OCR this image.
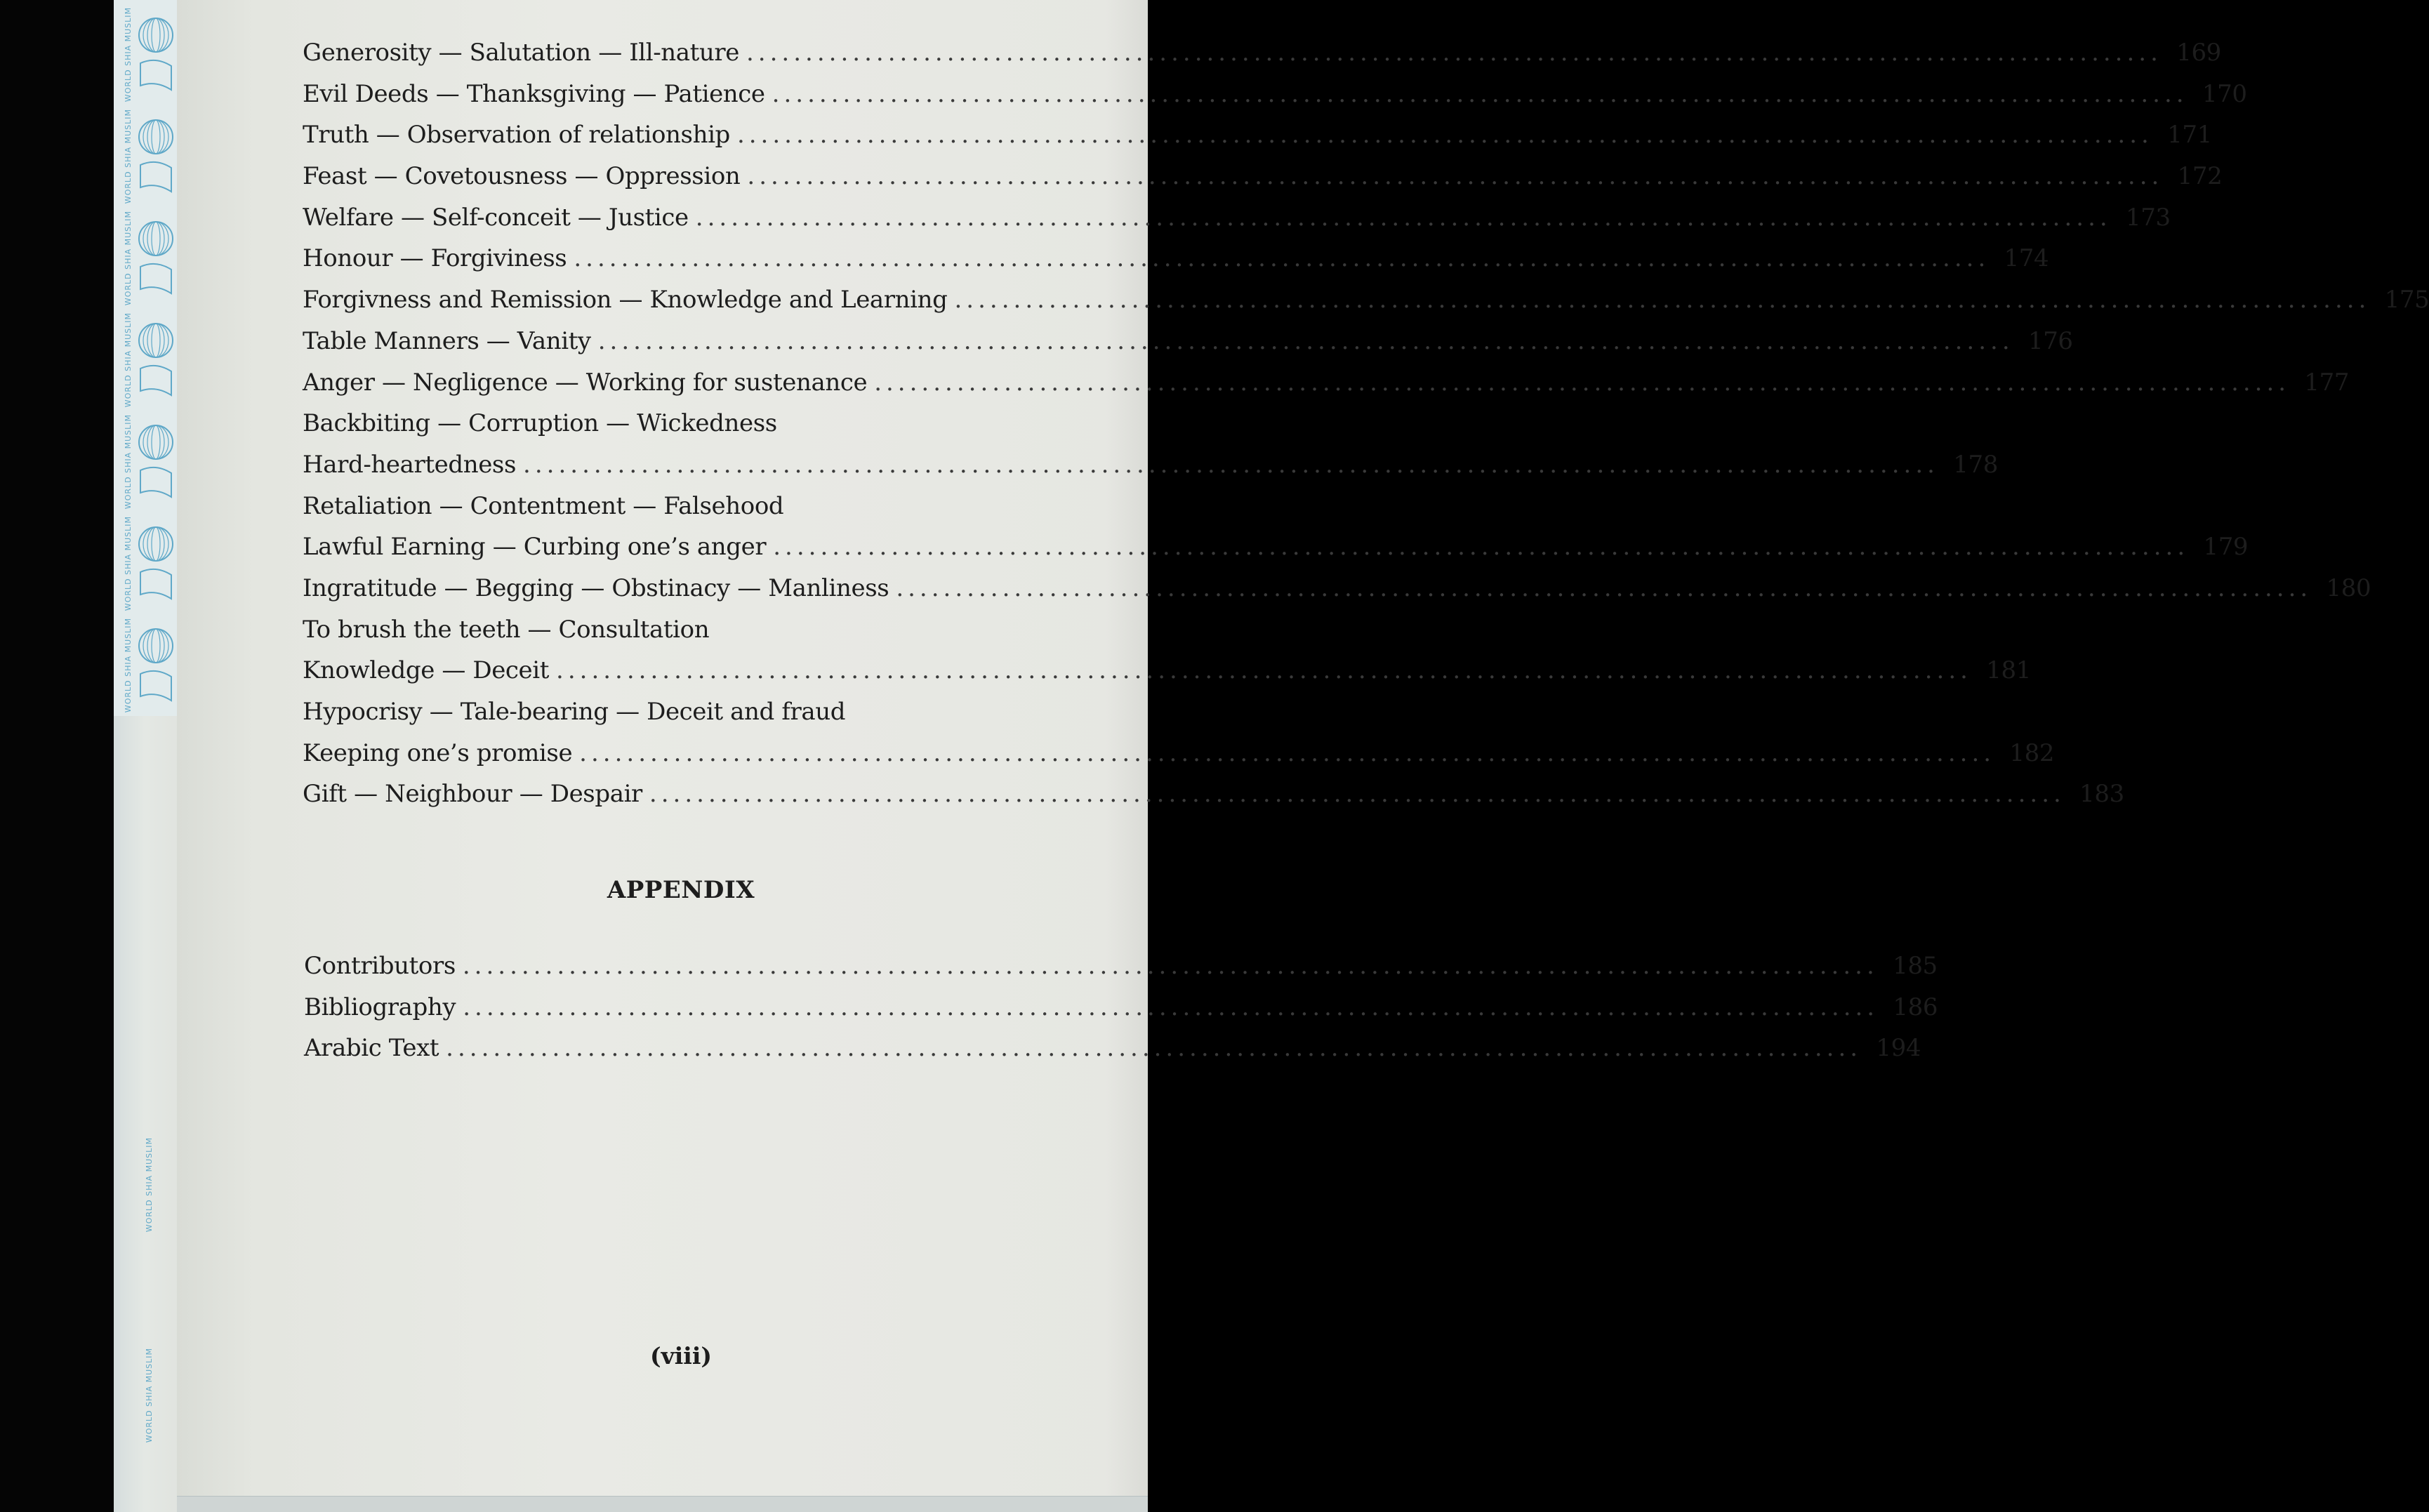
WORLD SHIA MUSLIM
WORLD SHIA MUSLIM
WORLD SHIA MUSLIM
WORLD SHIA MUSLIM
WORLD SHIA MUSLIM
WORLD SHIA MUSLIM
WORLD SHIA MUSLIM
WORLD SHIA MUSLIM
WORLD SHIA MUSLIM
Generosity — Salutation — Ill-nature ........................................................................................................................ 169
Evil Deeds — Thanksgiving — Patience ........................................................................................................................ 170
Truth — Observation of relationship ........................................................................................................................ 171
Feast — Covetousness — Oppression ........................................................................................................................ 172
Welfare — Self-conceit — Justice ........................................................................................................................ 173
Honour — Forgiviness ........................................................................................................................ 174
Forgivness and Remission — Knowledge and Learning ........................................................................................................................ 175
Table Manners — Vanity ........................................................................................................................ 176
Anger — Negligence — Working for sustenance ........................................................................................................................ 177
Backbiting — Corruption — Wickedness
Hard-heartedness ........................................................................................................................ 178
Retaliation — Contentment — Falsehood
Lawful Earning — Curbing one’s anger ........................................................................................................................ 179
Ingratitude — Begging — Obstinacy — Manliness ........................................................................................................................ 180
To brush the teeth — Consultation
Knowledge — Deceit ........................................................................................................................ 181
Hypocrisy — Tale-bearing — Deceit and fraud
Keeping one’s promise ........................................................................................................................ 182
Gift — Neighbour — Despair ........................................................................................................................ 183
APPENDIX
Contributors ........................................................................................................................ 185
Bibliography ........................................................................................................................ 186
Arabic Text ........................................................................................................................ 194
(viii)
